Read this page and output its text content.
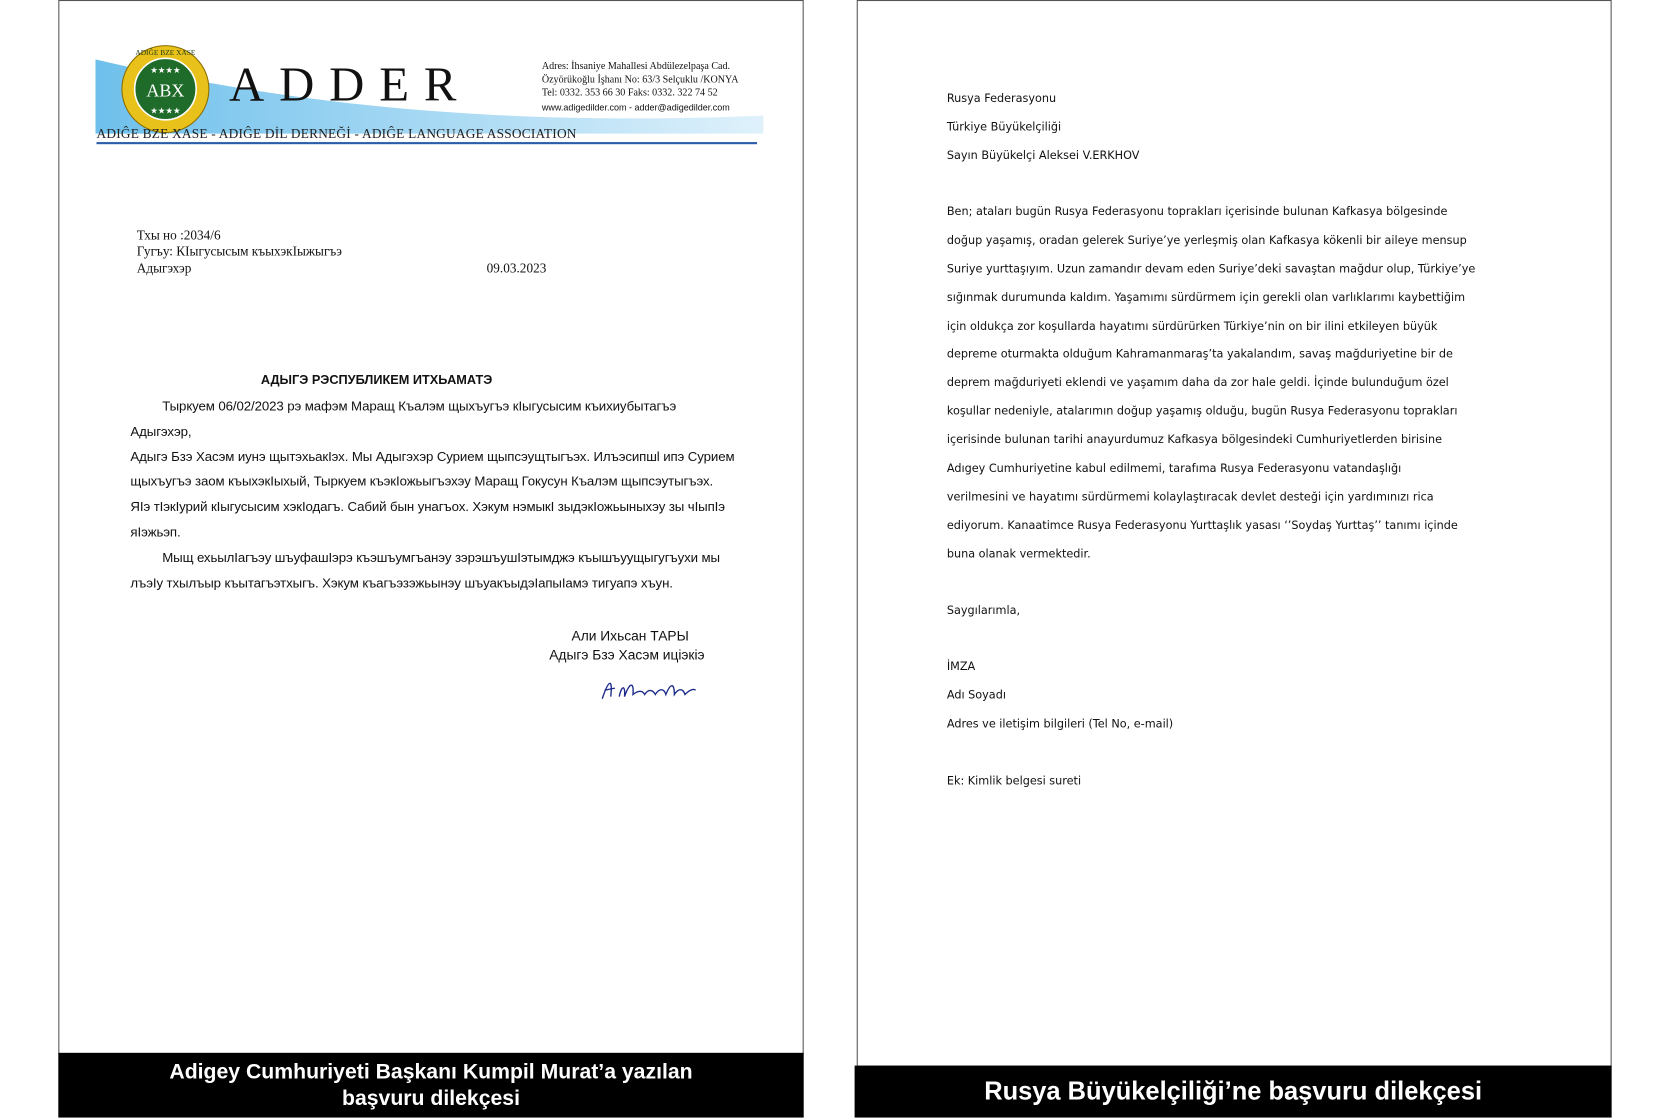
ABX
★★★★
★★★★
ADIĜE BZE XASE
ADDER	Adres: İhsaniye Mahallesi Abdülezelpaşa Cad.
Özyörükoğlu İşhanı No: 63/3 Selçuklu /KONYA
Tel: 0332. 353 66 30 Faks: 0332. 322 74 52
www.adigedilder.com - adder@adigedilder.com
ADIĜE BZE XASE - ADIĜE DİL DERNEĞİ - ADIĜE LANGUAGE ASSOCIATION
Тхы но :2034/6
Гугъу: КIыгусысым къыхэкIыжыгъэ
Адыгэхэр	09.03.2023
АДЫГЭ РЭСПУБЛИКЕМ ИТХЬАМАТЭ
Тыркуем 06/02/2023 рэ мафэм Маращ Къалэм щыхъугъэ кIыгусысим къихиубытагъэ
Адыгэхэр,
Адыгэ Бзэ Хасэм иунэ щытэхьакIэх. Мы Адыгэхэр Сурием щыпсэущтыгъэх. Илъэсипшl ипэ Сурием
щыхъугъэ заом къыхэкIыхый, Тыркуем къэкIожьыгъэхэу Маращ Гокусун Къалэм щыпсэутыгъэх.
ЯIэ тIэкIурий кIыгусысим хэкIодагъ. Сабий бын унагъох. Хэкум нэмыкI зыдэкIожьыныхэу зы чIыпIэ
яIэжьэп.
Мыщ ехьылIагъэу шъуфашIэрэ къэшъумгъанэу зэрэшъушIэтымджэ къышъуущыгугъухи мы
лъэIу тхылъыр къытагъэтхыгъ. Хэкум къагъэзэжьынэу шъуакъыдэIапыIамэ тигуапэ хъун.
Али Ихьсан ТАРЫ
Адыгэ Бзэ Хасэм иціэкіэ
Adigey Cumhuriyeti Başkanı Kumpil Murat’a yazılan
başvuru dilekçesi
Rusya Federasyonu
Türkiye Büyükelçiliği
Sayın Büyükelçi Aleksei V.ERKHOV
Ben; ataları bugün Rusya Federasyonu toprakları içerisinde bulunan Kafkasya bölgesinde
doğup yaşamış, oradan gelerek Suriye’ye yerleşmiş olan Kafkasya kökenli bir aileye mensup
Suriye yurttaşıyım. Uzun zamandır devam eden Suriye’deki savaştan mağdur olup, Türkiye’ye
sığınmak durumunda kaldım. Yaşamımı sürdürmem için gerekli olan varlıklarımı kaybettiğim
için oldukça zor koşullarda hayatımı sürdürürken Türkiye’nin on bir ilini etkileyen büyük
depreme oturmakta olduğum Kahramanmaraş’ta yakalandım, savaş mağduriyetine bir de
deprem mağduriyeti eklendi ve yaşamım daha da zor hale geldi. İçinde bulunduğum özel
koşullar nedeniyle, atalarımın doğup yaşamış olduğu, bugün Rusya Federasyonu toprakları
içerisinde bulunan tarihi anayurdumuz Kafkasya bölgesindeki Cumhuriyetlerden birisine
Adıgey Cumhuriyetine kabul edilmemi, tarafıma Rusya Federasyonu vatandaşlığı
verilmesini ve hayatımı sürdürmemi kolaylaştıracak devlet desteği için yardımınızı rica
ediyorum. Kanaatimce Rusya Federasyonu Yurttaşlık yasası ‘’Soydaş Yurttaş’’ tanımı içinde
buna olanak vermektedir.
Saygılarımla,
İMZA
Adı Soyadı
Adres ve iletişim bilgileri (Tel No, e-mail)
Ek: Kimlik belgesi sureti
Rusya Büyükelçiliği’ne başvuru dilekçesi
